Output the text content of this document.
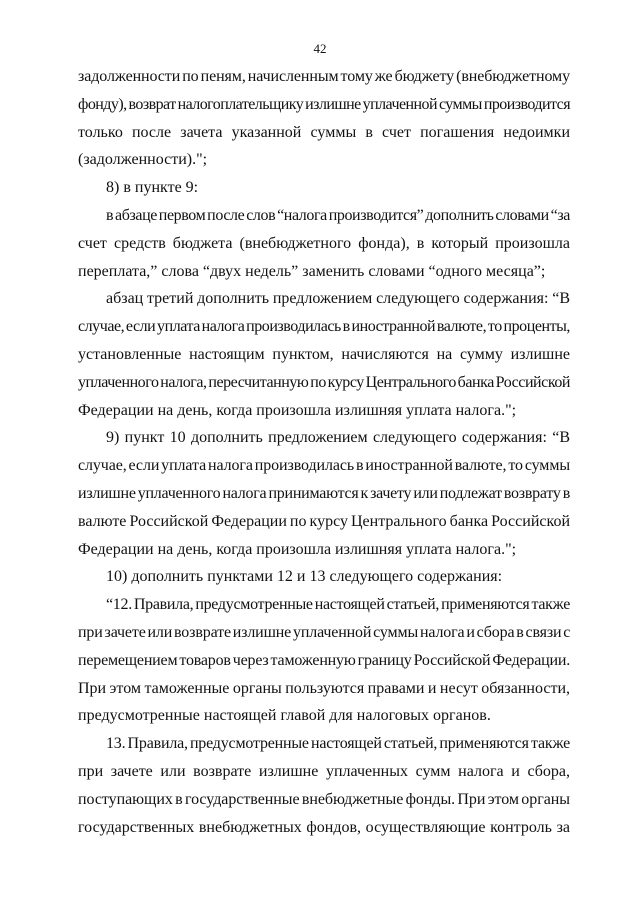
42
задолженности по пеням, начисленным тому же бюджету (внебюджетному
фонду), возврат налогоплательщику излишне уплаченной суммы производится
только после зачета указанной суммы в счет погашения недоимки
(задолженности).";
8) в пункте 9:
в абзаце первом после слов “налога производится” дополнить словами “за
счет средств бюджета (внебюджетного фонда), в который произошла
переплата,” слова “двух недель” заменить словами “одного месяца”;
абзац третий дополнить предложением следующего содержания: “В
случае, если уплата налога производилась в иностранной валюте, то проценты,
установленные настоящим пунктом, начисляются на сумму излишне
уплаченного налога, пересчитанную по курсу Центрального банка Российской
Федерации на день, когда произошла излишняя уплата налога.";
9) пункт 10 дополнить предложением следующего содержания: “В
случае, если уплата налога производилась в иностранной валюте, то суммы
излишне уплаченного налога принимаются к зачету или подлежат возврату в
валюте Российской Федерации по курсу Центрального банка Российской
Федерации на день, когда произошла излишняя уплата налога.";
10) дополнить пунктами 12 и 13 следующего содержания:
“12. Правила, предусмотренные настоящей статьей, применяются также
при зачете или возврате излишне уплаченной суммы налога и сбора в связи с
перемещением товаров через таможенную границу Российской Федерации.
При этом таможенные органы пользуются правами и несут обязанности,
предусмотренные настоящей главой для налоговых органов.
13. Правила, предусмотренные настоящей статьей, применяются также
при зачете или возврате излишне уплаченных сумм налога и сбора,
поступающих в государственные внебюджетные фонды. При этом органы
государственных внебюджетных фондов, осуществляющие контроль за
